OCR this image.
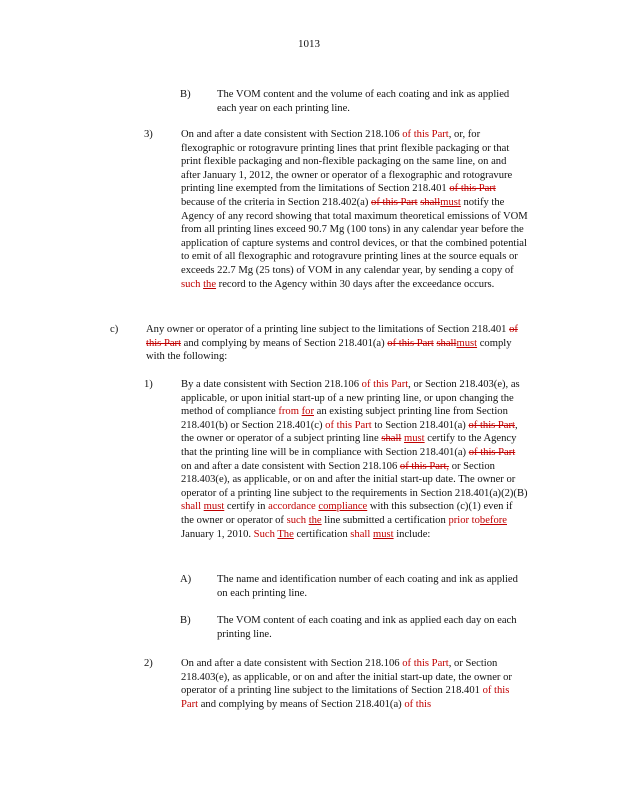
1013
B) The VOM content and the volume of each coating and ink as applied each year on each printing line.
3)	On and after a date consistent with Section 218.106 of this Part, or, for flexographic or rotogravure printing lines that print flexible packaging or that print flexible packaging and non-flexible packaging on the same line, on and after January 1, 2012, the owner or operator of a flexographic and rotogravure printing line exempted from the limitations of Section 218.401 of this Part because of the criteria in Section 218.402(a) of this Part shallmust notify the Agency of any record showing that total maximum theoretical emissions of VOM from all printing lines exceed 90.7 Mg (100 tons) in any calendar year before the application of capture systems and control devices, or that the combined potential to emit of all flexographic and rotogravure printing lines at the source equals or exceeds 22.7 Mg (25 tons) of VOM in any calendar year, by sending a copy of such the record to the Agency within 30 days after the exceedance occurs.
c)	Any owner or operator of a printing line subject to the limitations of Section 218.401 of this Part and complying by means of Section 218.401(a) of this Part shallmust comply with the following:
1)	By a date consistent with Section 218.106 of this Part, or Section 218.403(e), as applicable, or upon initial start-up of a new printing line, or upon changing the method of compliance from for an existing subject printing line from Section 218.401(b) or Section 218.401(c) of this Part to Section 218.401(a) of this Part, the owner or operator of a subject printing line shall must certify to the Agency that the printing line will be in compliance with Section 218.401(a) of this Part on and after a date consistent with Section 218.106 of this Part, or Section 218.403(e), as applicable, or on and after the initial start-up date. The owner or operator of a printing line subject to the requirements in Section 218.401(a)(2)(B) shall must certify in accordance compliance with this subsection (c)(1) even if the owner or operator of such the line submitted a certification prior tobefore January 1, 2010. Such The certification shall must include:
A) The name and identification number of each coating and ink as applied on each printing line.
B) The VOM content of each coating and ink as applied each day on each printing line.
2)	On and after a date consistent with Section 218.106 of this Part, or Section 218.403(e), as applicable, or on and after the initial start-up date, the owner or operator of a printing line subject to the limitations of Section 218.401 of this Part and complying by means of Section 218.401(a) of this
